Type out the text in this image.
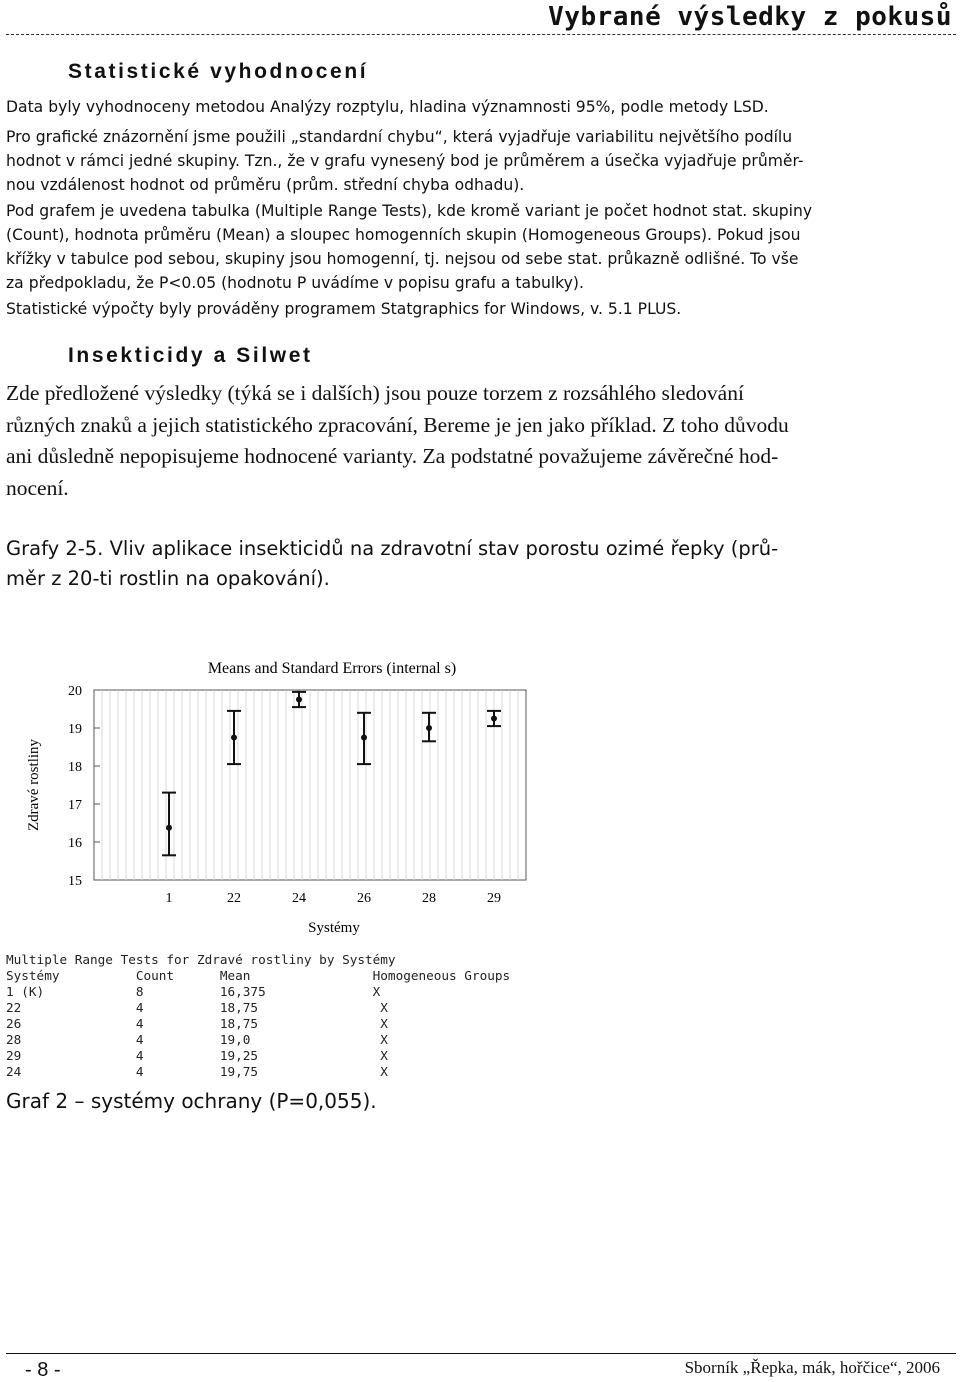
Vybrané výsledky z pokusů
Statistické vyhodnocení
Data byly vyhodnoceny metodou Analýzy rozptylu, hladina významnosti 95%, podle metody LSD.
Pro grafické znázornění jsme použili „standardní chybu“, která vyjadřuje variabilitu největšího podílu
hodnot v rámci jedné skupiny. Tzn., že v grafu vynesený bod je průměrem a úsečka vyjadřuje průměr-
nou vzdálenost hodnot od průměru (prům. střední chyba odhadu).
Pod grafem je uvedena tabulka (Multiple Range Tests), kde kromě variant je počet hodnot stat. skupiny
(Count), hodnota průměru (Mean) a sloupec homogenních skupin (Homogeneous Groups). Pokud jsou
křížky v tabulce pod sebou, skupiny jsou homogenní, tj. nejsou od sebe stat. průkazně odlišné. To vše
za předpokladu, že P<0.05 (hodnotu P uvádíme v popisu grafu a tabulky).
Statistické výpočty byly prováděny programem Statgraphics for Windows, v. 5.1 PLUS.
Insekticidy a Silwet
Zde předložené výsledky (týká se i dalších) jsou pouze torzem z rozsáhlého sledování
různých znaků a jejich statistického zpracování, Bereme je jen jako příklad. Z toho důvodu
ani důsledně nepopisujeme hodnocené varianty. Za podstatné považujeme závěrečné hod-
nocení.
Grafy 2-5. Vliv aplikace insekticidů na zdravotní stav porostu ozimé řepky (prů-
měr z 20-ti rostlin na opakování).
Means and Standard Errors (internal s)
15
16
17
18
19
20
1	22	24	26	28	29
Zdravé rostliny
Systémy
Multiple Range Tests for Zdravé rostliny by Systémy
Systémy          Count      Mean                Homogeneous Groups
1 (K)            8          16,375              X
22               4          18,75                X
26               4          18,75                X
28               4          19,0                 X
29               4          19,25                X
24               4          19,75                X
Graf 2 – systémy ochrany (P=0,055).
- 8 -	Sborník „Řepka, mák, hořčice“, 2006
